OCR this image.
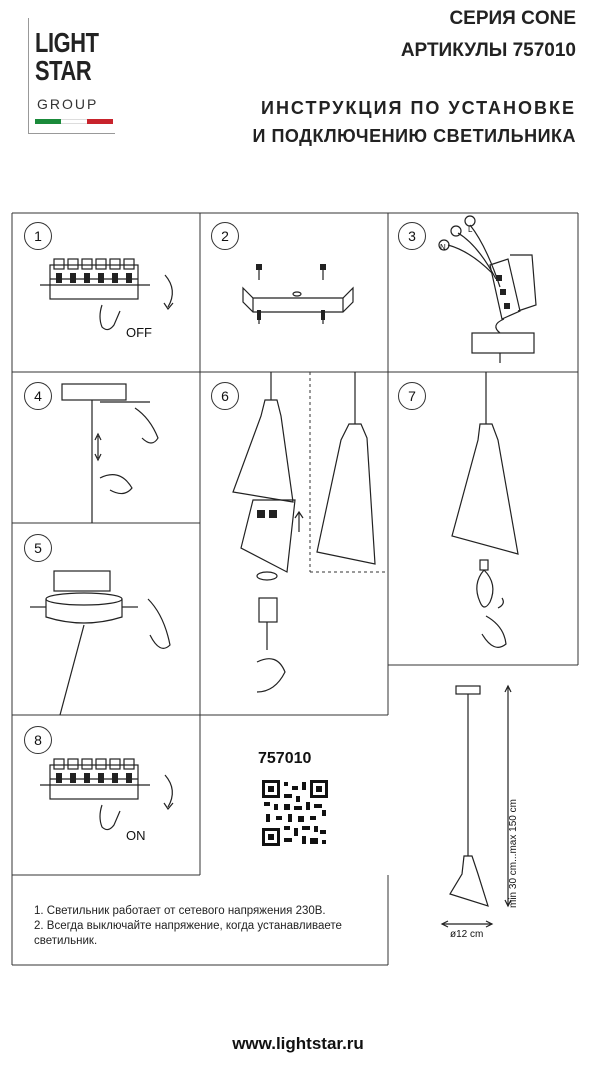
LIGHT
STAR
GROUP
СЕРИЯ CONE
АРТИКУЛЫ 757010
ИНСТРУКЦИЯ ПО УСТАНОВКЕ
И ПОДКЛЮЧЕНИЮ СВЕТИЛЬНИКА
1	2	3
4
5
6	7
8
OFF
N
L
ON
757010
min 30 cm...max 150 cm
ø12 cm
1. Светильник работает от сетевого напряжения 230В.
2. Всегда выключайте напряжение, когда устанавливаете
светильник.
www.lightstar.ru
